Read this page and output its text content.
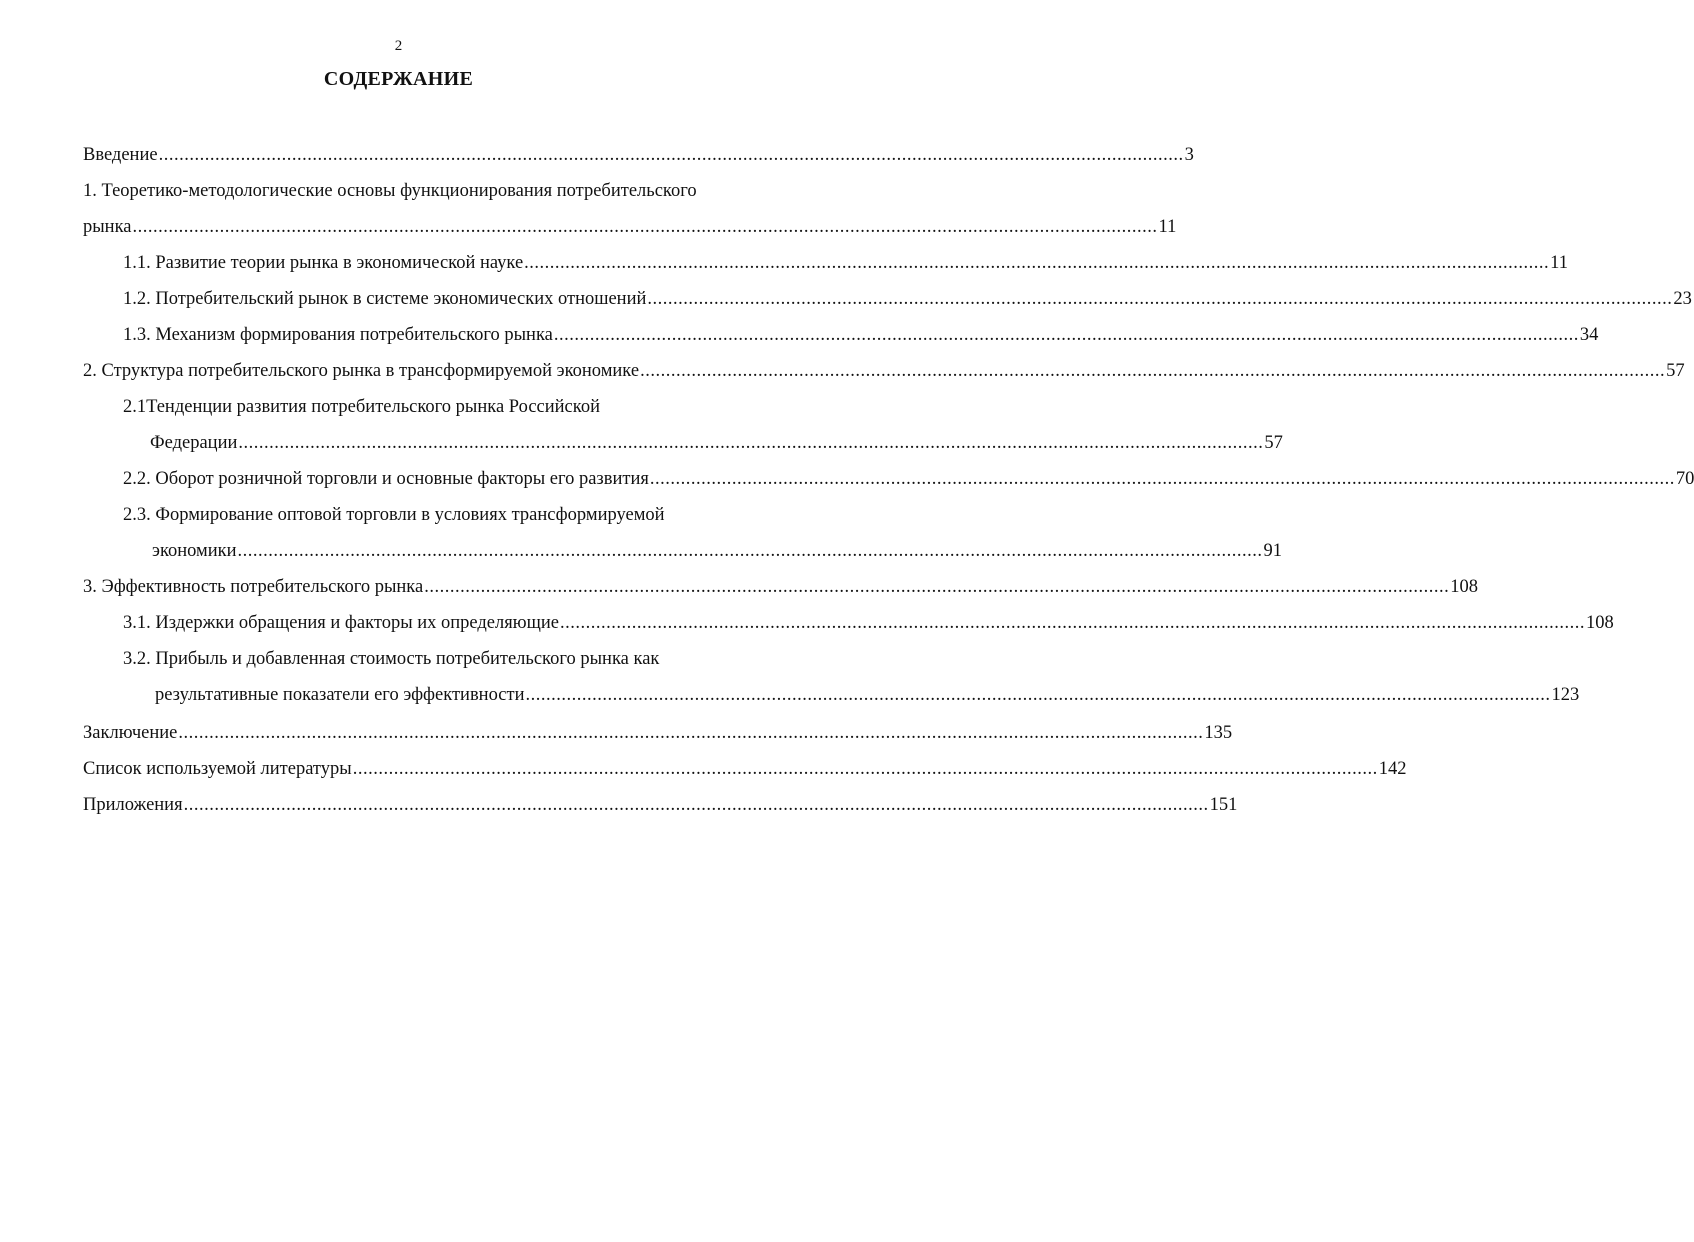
2
СОДЕРЖАНИЕ
Введение ........................................................................................................................................................................................................ 3
1. Теоретико-методологические основы функционирования потребительского
рынка ........................................................................................................................................................................................................ 11
1.1. Развитие теории рынка в экономической науке ........................................................................................................................................................................................................ 11
1.2. Потребительский рынок в системе экономических отношений ........................................................................................................................................................................................................ 23
1.3. Механизм формирования потребительского рынка ........................................................................................................................................................................................................ 34
2. Структура потребительского рынка в трансформируемой экономике ........................................................................................................................................................................................................ 57
2.1Тенденции развития потребительского рынка Российской
Федерации ........................................................................................................................................................................................................ 57
2.2. Оборот розничной торговли и основные факторы его развития ........................................................................................................................................................................................................ 70
2.3. Формирование оптовой торговли в условиях трансформируемой
экономики ........................................................................................................................................................................................................ 91
3. Эффективность потребительского рынка ........................................................................................................................................................................................................ 108
3.1. Издержки обращения и факторы их определяющие ........................................................................................................................................................................................................ 108
3.2. Прибыль и добавленная стоимость потребительского рынка как
результативные показатели его эффективности ........................................................................................................................................................................................................ 123
Заключение ........................................................................................................................................................................................................ 135
Список используемой литературы ........................................................................................................................................................................................................ 142
Приложения ........................................................................................................................................................................................................ 151
